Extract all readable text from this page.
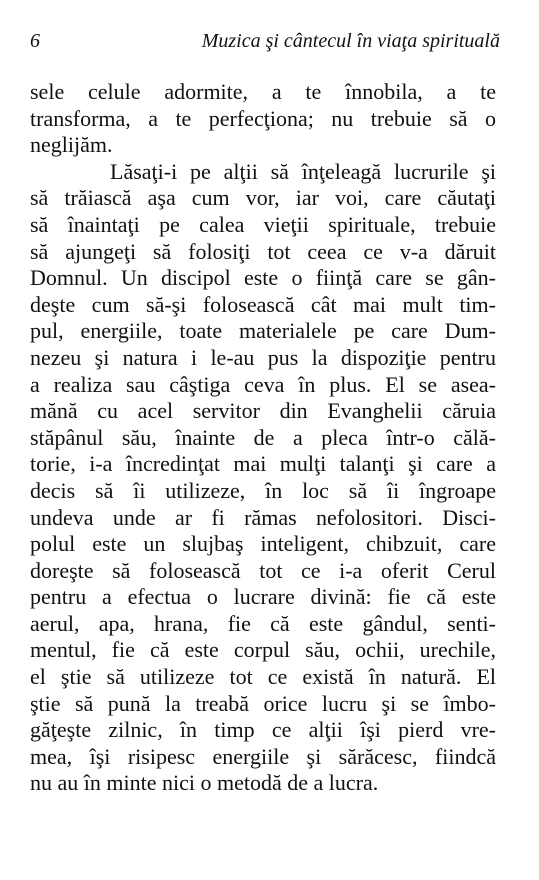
6	Muzica şi cântecul în viaţa spirituală
sele celule adormite, a te înnobila, a te
transforma, a te perfecţiona; nu trebuie să o
neglijăm.
Lăsaţi-i pe alţii să înţeleagă lucrurile şi
să trăiască aşa cum vor, iar voi, care căutaţi
să înaintaţi pe calea vieţii spirituale, trebuie
să ajungeţi să folosiţi tot ceea ce v-a dăruit
Domnul. Un discipol este o fiinţă care se gân-
deşte cum să-şi folosească cât mai mult tim-
pul, energiile, toate materialele pe care Dum-
nezeu şi natura i le-au pus la dispoziţie pentru
a realiza sau câştiga ceva în plus. El se asea-
mănă cu acel servitor din Evanghelii căruia
stăpânul său, înainte de a pleca într-o călă-
torie, i-a încredinţat mai mulţi talanţi şi care a
decis să îi utilizeze, în loc să îi îngroape
undeva unde ar fi rămas nefolositori. Disci-
polul este un slujbaş inteligent, chibzuit, care
doreşte să folosească tot ce i-a oferit Cerul
pentru a efectua o lucrare divină: fie că este
aerul, apa, hrana, fie că este gândul, senti-
mentul, fie că este corpul său, ochii, urechile,
el ştie să utilizeze tot ce există în natură. El
ştie să pună la treabă orice lucru şi se îmbo-
găţeşte zilnic, în timp ce alţii îşi pierd vre-
mea, îşi risipesc energiile şi sărăcesc, fiindcă
nu au în minte nici o metodă de a lucra.
